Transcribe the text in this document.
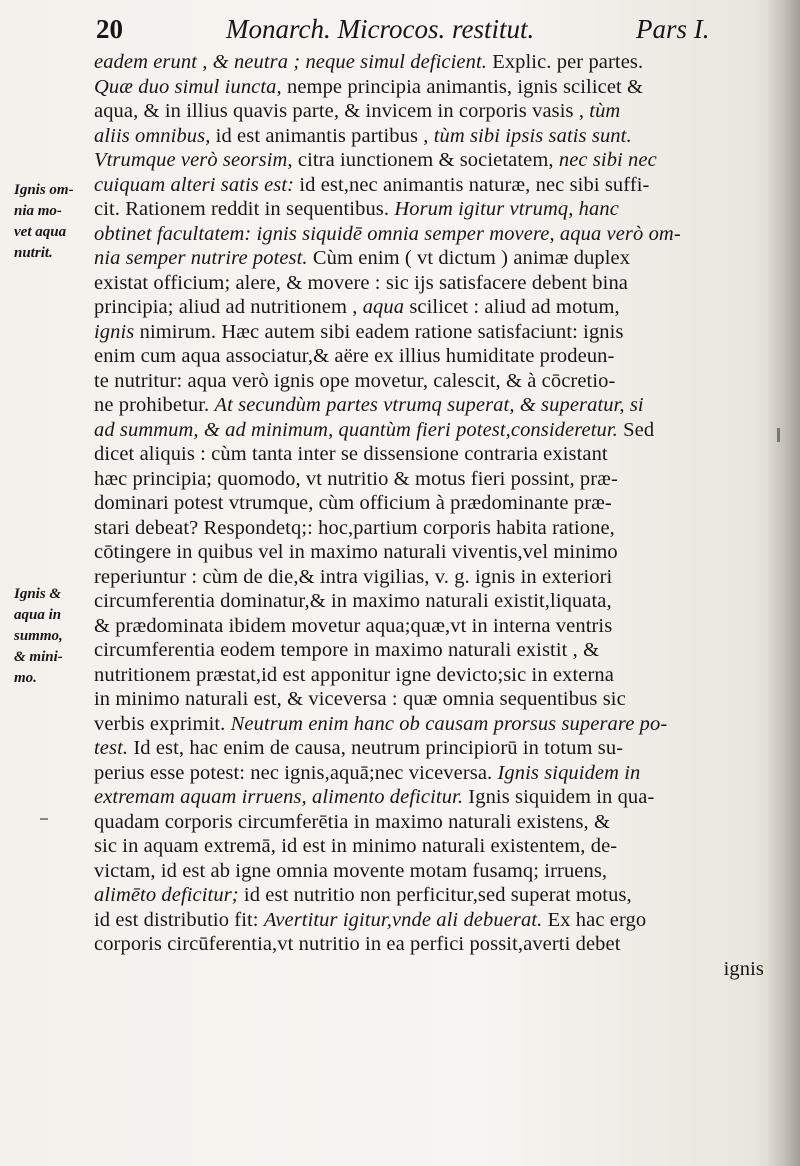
20	Monarch. Microcos. restitut.	Pars I.
Ignis om-
nia mo-
vet aqua
nutrit.
Ignis &
aqua in
summo,
& mini-
mo.
eadem erunt , & neutra ; neque simul deficient. Explic. per partes.
Quæ duo simul iuncta, nempe principia animantis, ignis scilicet &
aqua, & in illius quavis parte, & invicem in corporis vasis , tùm
aliis omnibus, id est animantis partibus , tùm sibi ipsis satis sunt.
Vtrumque verò seorsim, citra iunctionem & societatem, nec sibi nec
cuiquam alteri satis est: id est,nec animantis naturæ, nec sibi suffi-
cit. Rationem reddit in sequentibus. Horum igitur vtrumq, hanc
obtinet facultatem: ignis siquidē omnia semper movere, aqua verò om-
nia semper nutrire potest. Cùm enim ( vt dictum ) animæ duplex
existat officium; alere, & movere : sic ijs satisfacere debent bina
principia; aliud ad nutritionem , aqua scilicet : aliud ad motum,
ignis nimirum. Hæc autem sibi eadem ratione satisfaciunt: ignis
enim cum aqua associatur,& aëre ex illius humiditate prodeun-
te nutritur: aqua verò ignis ope movetur, calescit, & à cōcretio-
ne prohibetur. At secundùm partes vtrumq superat, & superatur, si
ad summum, & ad minimum, quantùm fieri potest,consideretur. Sed
dicet aliquis : cùm tanta inter se dissensione contraria existant
hæc principia; quomodo, vt nutritio & motus fieri possint, præ-
dominari potest vtrumque, cùm officium à prædominante præ-
stari debeat? Respondetq;: hoc,partium corporis habita ratione,
cōtingere in quibus vel in maximo naturali viventis,vel minimo
reperiuntur : cùm de die,& intra vigilias, v. g. ignis in exteriori
circumferentia dominatur,& in maximo naturali existit,liquata,
& prædominata ibidem movetur aqua;quæ,vt in interna ventris
circumferentia eodem tempore in maximo naturali existit , &
nutritionem præstat,id est apponitur igne devicto;sic in externa
in minimo naturali est, & viceversa : quæ omnia sequentibus sic
verbis exprimit. Neutrum enim hanc ob causam prorsus superare po-
test. Id est, hac enim de causa, neutrum principiorū in totum su-
perius esse potest: nec ignis,aquā;nec viceversa. Ignis siquidem in
extremam aquam irruens, alimento deficitur. Ignis siquidem in qua-
quadam corporis circumferētia in maximo naturali existens, &
sic in aquam extremā, id est in minimo naturali existentem, de-
victam, id est ab igne omnia movente motam fusamq; irruens,
alimēto deficitur; id est nutritio non perficitur,sed superat motus,
id est distributio fit: Avertitur igitur,vnde ali debuerat. Ex hac ergo
corporis circūferentia,vt nutritio in ea perfici possit,averti debet
ignis
